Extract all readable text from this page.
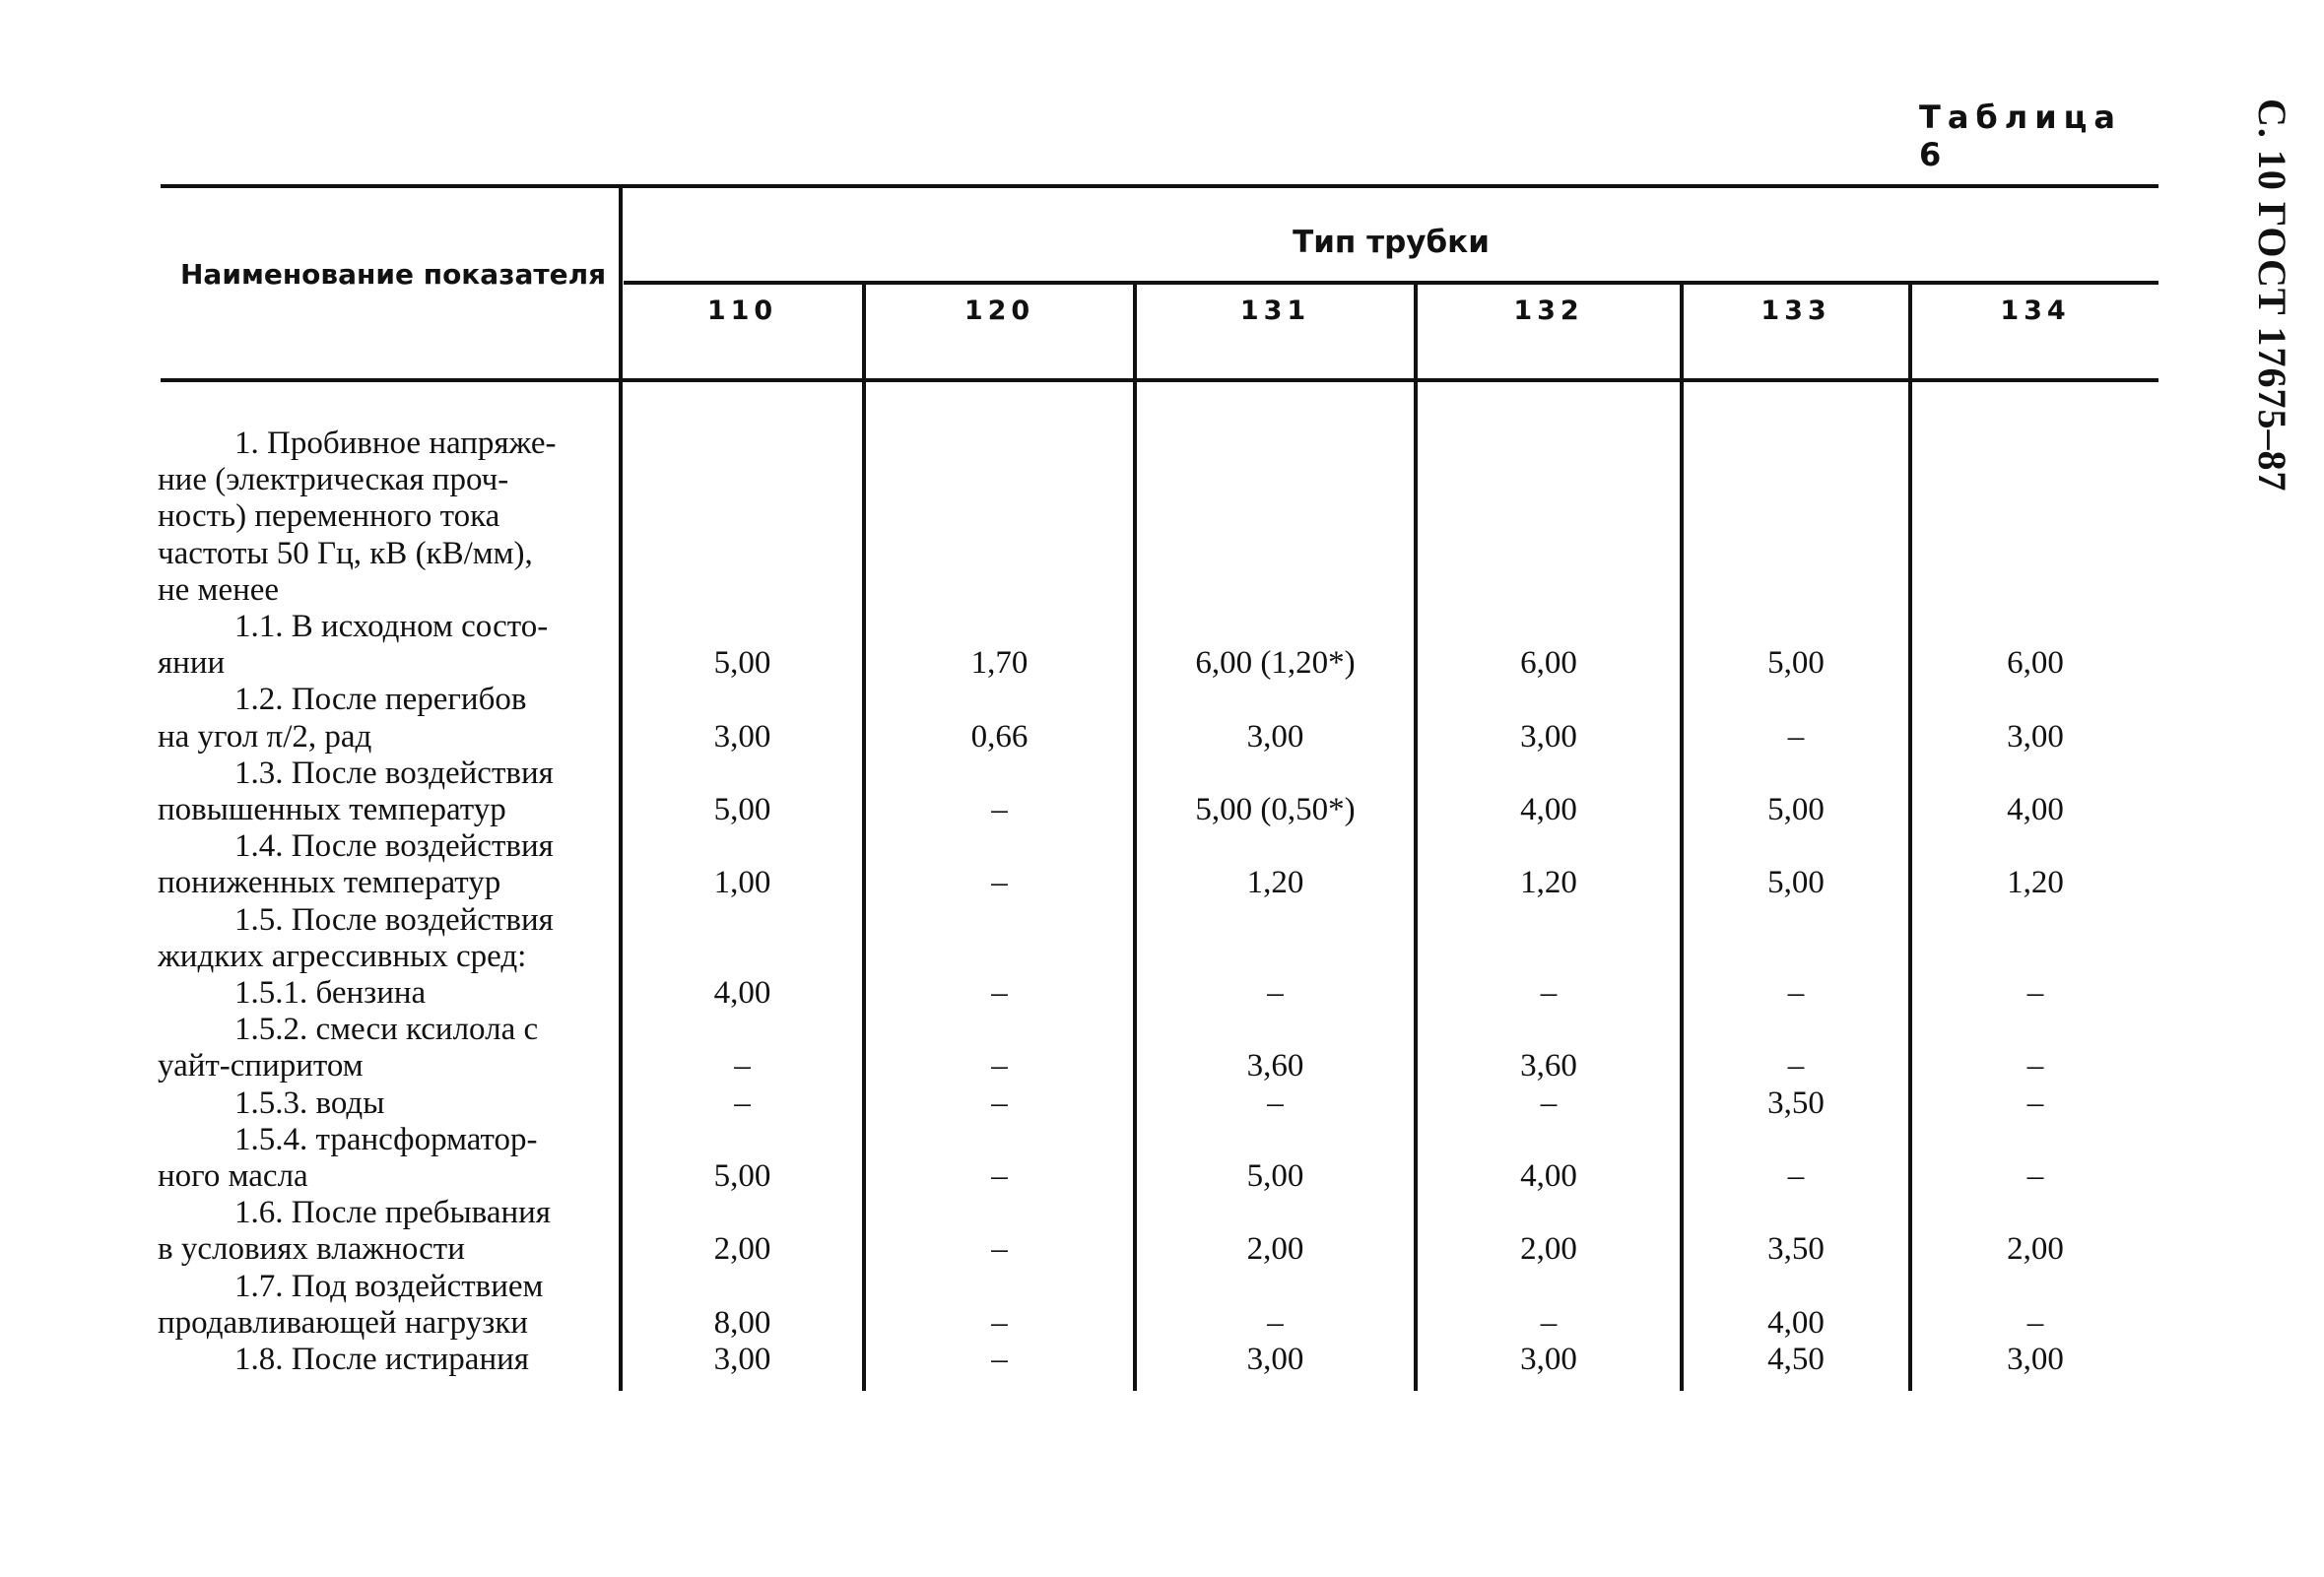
С. 10 ГОСТ 17675–87
Таблица 6
Наименование показателя
Тип трубки
110	120	131	132	133	134
1. Пробивное напряже-
ние (электрическая проч-
ность) переменного тока
частоты 50 Гц, кВ (кВ/мм),
не менее
1.1. В исходном состо-
янии	5,00	1,70	6,00 (1,20*)	6,00	5,00	6,00
1.2. После перегибов
на угол π/2, рад	3,00	0,66	3,00	3,00	–	3,00
1.3. После воздействия
повышенных температур	5,00	–	5,00 (0,50*)	4,00	5,00	4,00
1.4. После воздействия
пониженных температур	1,00	–	1,20	1,20	5,00	1,20
1.5. После воздействия
жидких агрессивных сред:
1.5.1. бензина	4,00	–	–	–	–	–
1.5.2. смеси ксилола с
уайт-спиритом	–	–	3,60	3,60	–	–
1.5.3. воды	–	–	–	–	3,50	–
1.5.4. трансформатор-
ного масла	5,00	–	5,00	4,00	–	–
1.6. После пребывания
в условиях влажности	2,00	–	2,00	2,00	3,50	2,00
1.7. Под воздействием
продавливающей нагрузки	8,00	–	–	–	4,00	–
1.8. После истирания	3,00	–	3,00	3,00	4,50	3,00
